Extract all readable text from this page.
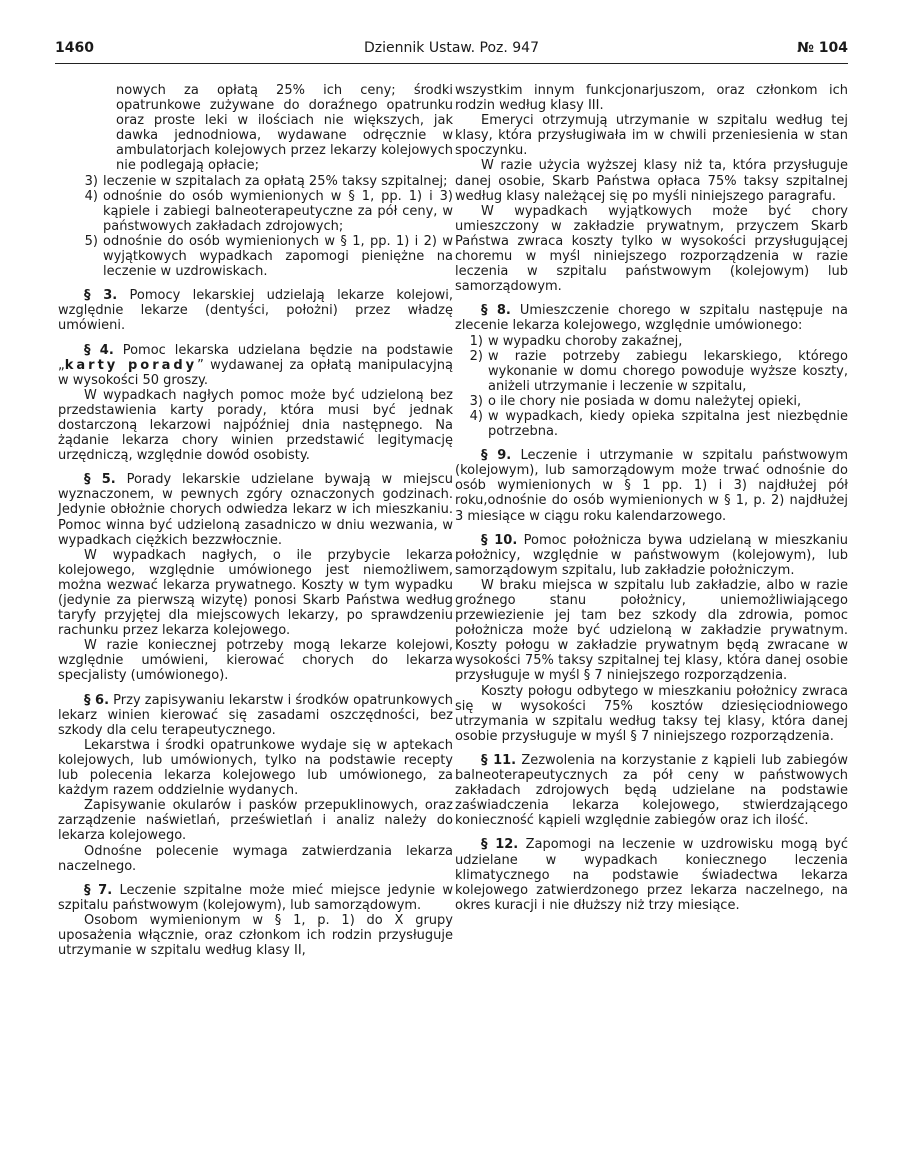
1460	Dziennik Ustaw. Poz. 947	№ 104

nowych za opłatą 25% ich ceny; środki opatrunkowe zużywane do doraźnego opatrunku oraz proste leki w ilościach nie większych, jak dawka jednodniowa, wydawane odręcznie w ambulatorjach kolejowych przez lekarzy kolejowych nie podlegają opłacie;

3) leczenie w szpitalach za opłatą 25% taksy szpitalnej;
4) odnośnie do osób wymienionych w § 1, pp. 1) i 3) kąpiele i zabiegi balneoterapeutyczne za pół ceny, w państwowych zakładach zdrojowych;
5) odnośnie do osób wymienionych w § 1, pp. 1) i 2) w wyjątkowych wypadkach zapomogi pieniężne na leczenie w uzdrowiskach.

§ 3. Pomocy lekarskiej udzielają lekarze kolejowi, względnie lekarze (dentyści, położni) przez władzę umówieni.

§ 4. Pomoc lekarska udzielana będzie na podstawie „karty porady” wydawanej za opłatą manipulacyjną w wysokości 50 groszy.

W wypadkach nagłych pomoc może być udzieloną bez przedstawienia karty porady, która musi być jednak dostarczoną lekarzowi najpóźniej dnia następnego. Na żądanie lekarza chory winien przedstawić legitymację urzędniczą, względnie dowód osobisty.

§ 5. Porady lekarskie udzielane bywają w miejscu wyznaczonem, w pewnych zgóry oznaczonych godzinach. Jedynie obłożnie chorych odwiedza lekarz w ich mieszkaniu. Pomoc winna być udzieloną zasadniczo w dniu wezwania, w wypadkach ciężkich bezzwłocznie.

W wypadkach nagłych, o ile przybycie lekarza kolejowego, względnie umówionego jest niemożliwem, można wezwać lekarza prywatnego. Koszty w tym wypadku (jedynie za pierwszą wizytę) ponosi Skarb Państwa według taryfy przyjętej dla miejscowych lekarzy, po sprawdzeniu rachunku przez lekarza kolejowego.

W razie koniecznej potrzeby mogą lekarze kolejowi, względnie umówieni, kierować chorych do lekarza specjalisty (umówionego).

§ 6. Przy zapisywaniu lekarstw i środków opatrunkowych lekarz winien kierować się zasadami oszczędności, bez szkody dla celu terapeutycznego.

Lekarstwa i środki opatrunkowe wydaje się w aptekach kolejowych, lub umówionych, tylko na podstawie recepty lub polecenia lekarza kolejowego lub umówionego, za każdym razem oddzielnie wydanych.

Zapisywanie okularów i pasków przepuklinowych, oraz zarządzenie naświetlań, prześwietlań i analiz należy do lekarza kolejowego.

Odnośne polecenie wymaga zatwierdzania lekarza naczelnego.

§ 7. Leczenie szpitalne może mieć miejsce jedynie w szpitalu państwowym (kolejowym), lub samorządowym.

Osobom wymienionym w § 1, p. 1) do X grupy uposażenia włącznie, oraz członkom ich rodzin przysługuje utrzymanie w szpitalu według klasy II,

wszystkim innym funkcjonarjuszom, oraz członkom ich rodzin według klasy III.

Emeryci otrzymują utrzymanie w szpitalu według tej klasy, która przysługiwała im w chwili przeniesienia w stan spoczynku.

W razie użycia wyższej klasy niż ta, która przysługuje danej osobie, Skarb Państwa opłaca 75% taksy szpitalnej według klasy należącej się po myśli niniejszego paragrafu.

W wypadkach wyjątkowych może być chory umieszczony w zakładzie prywatnym, przyczem Skarb Państwa zwraca koszty tylko w wysokości przysługującej choremu w myśl niniejszego rozporządzenia w razie leczenia w szpitalu państwowym (kolejowym) lub samorządowym.

§ 8. Umieszczenie chorego w szpitalu następuje na zlecenie lekarza kolejowego, względnie umówionego:

1) w wypadku choroby zakaźnej,
2) w razie potrzeby zabiegu lekarskiego, którego wykonanie w domu chorego powoduje wyższe koszty, aniżeli utrzymanie i leczenie w szpitalu,
3) o ile chory nie posiada w domu należytej opieki,
4) w wypadkach, kiedy opieka szpitalna jest niezbędnie potrzebna.

§ 9. Leczenie i utrzymanie w szpitalu państwowym (kolejowym), lub samorządowym może trwać odnośnie do osób wymienionych w § 1 pp. 1) i 3) najdłużej pół roku,odnośnie do osób wymienionych w § 1, p. 2) najdłużej 3 miesiące w ciągu roku kalendarzowego.

§ 10. Pomoc położnicza bywa udzielaną w mieszkaniu położnicy, względnie w państwowym (kolejowym), lub samorządowym szpitalu, lub zakładzie położniczym.

W braku miejsca w szpitalu lub zakładzie, albo w razie groźnego stanu położnicy, uniemożliwiającego przewiezienie jej tam bez szkody dla zdrowia, pomoc położnicza może być udzieloną w zakładzie prywatnym. Koszty połogu w zakładzie prywatnym będą zwracane w wysokości 75% taksy szpitalnej tej klasy, która danej osobie przysługuje w myśl § 7 niniejszego rozporządzenia.

Koszty połogu odbytego w mieszkaniu położnicy zwraca się w wysokości 75% kosztów dziesięciodniowego utrzymania w szpitalu według taksy tej klasy, która danej osobie przysługuje w myśl § 7 niniejszego rozporządzenia.

§ 11. Zezwolenia na korzystanie z kąpieli lub zabiegów balneoterapeutycznych za pół ceny w państwowych zakładach zdrojowych będą udzielane na podstawie zaświadczenia lekarza kolejowego, stwierdzającego konieczność kąpieli względnie zabiegów oraz ich ilość.

§ 12. Zapomogi na leczenie w uzdrowisku mogą być udzielane w wypadkach koniecznego leczenia klimatycznego na podstawie świadectwa lekarza kolejowego zatwierdzonego przez lekarza naczelnego, na okres kuracji i nie dłuższy niż trzy miesiące.
